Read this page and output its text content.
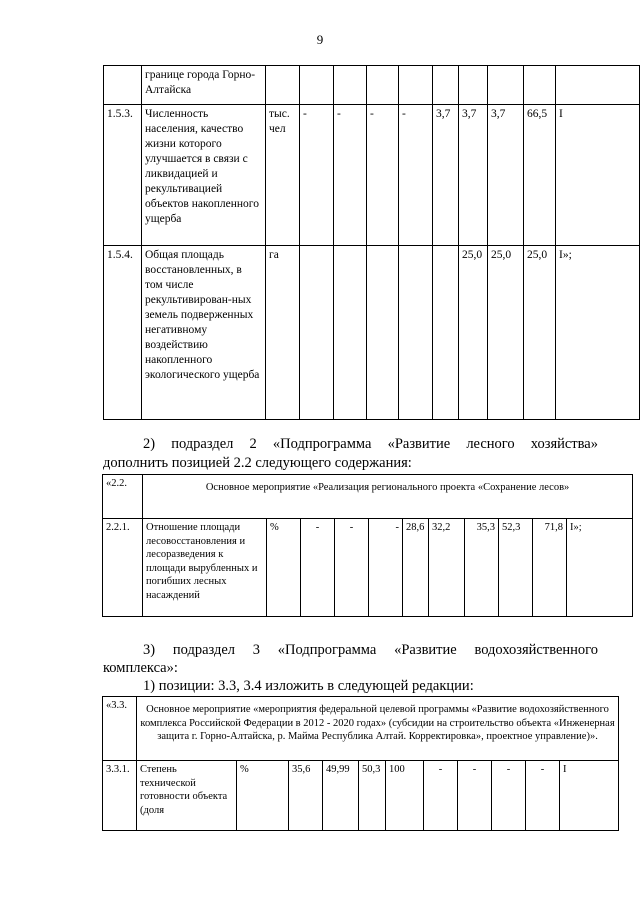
9
	границе города Горно-Алтайска										
1.5.3.	Численность населения, качество жизни которого улучшается в связи с ликвидацией и рекультивацией объектов накопленного ущерба	тыс. чел	-	-	-	-	3,7	3,7	3,7	66,5	I
1.5.4.	Общая площадь восстановленных, в том числе рекультивирован-ных земель подверженных негативному воздействию накопленного экологического ущерба	га						25,0	25,0	25,0	I»;
2) подраздел 2 «Подпрограмма «Развитие лесного хозяйства»
дополнить позицией 2.2 следующего содержания:
«2.2.	Основное мероприятие «Реализация регионального проекта «Сохранение лесов»										
2.2.1.	Отношение площади лесовосстановления и лесоразведения к площади вырубленных и погибших лесных насаждений	%	-	-	-	28,6	32,2	35,3	52,3	71,8	I»;
3) подраздел 3 «Подпрограмма «Развитие водохозяйственного
комплекса»:
1) позиции: 3.3, 3.4 изложить в следующей редакции:
«3.3.	Основное мероприятие «мероприятия федеральной целевой программы «Развитие водохозяйственного комплекса Российской Федерации в 2012 - 2020 годах» (субсидии на строительство объекта «Инженерная защита г. Горно-Алтайска, р. Майма Республика Алтай. Корректировка», проектное управление)».										
3.3.1.	Степень технической готовности объекта (доля	%	35,6	49,99	50,3	100	-	-	-	-	I
